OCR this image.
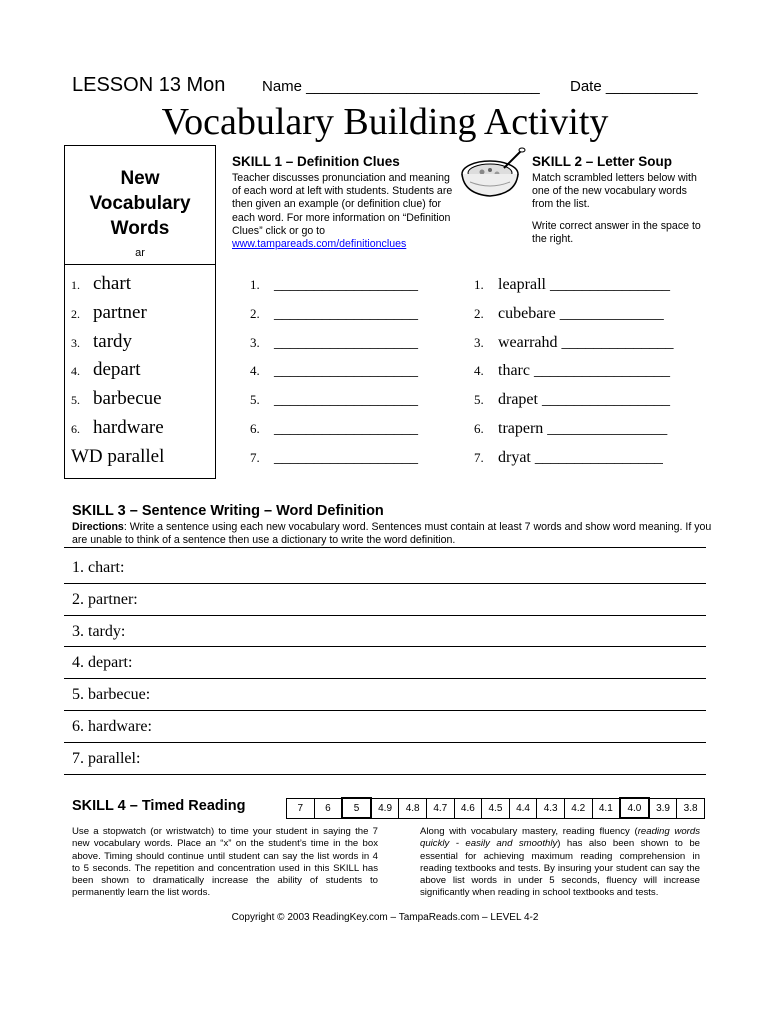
LESSON 13 Mon Name ____________________________ Date ___________
Vocabulary Building Activity
New
Vocabulary
Words
ar
1. chart
2. partner
3. tardy
4. depart
5. barbecue
6. hardware
WD parallel
SKILL 1 – Definition Clues
Teacher discusses pronunciation and meaning of each word at left with students. Students are then given an example (or definition clue) for each word. For more information on “Definition Clues” click or go to www.tampareads.com/definitionclues
SKILL 2 – Letter Soup
Match scrambled letters below with one of the new vocabulary words from the list.
Write correct answer in the space to the right.
1. __________________
2. __________________
3. __________________
4. __________________
5. __________________
6. __________________
7. __________________
1. leaprall _______________
2. cubebare _____________
3. wearrahd ______________
4. tharc _________________
5. drapet ________________
6. trapern _______________
7. dryat ________________
SKILL 3 – Sentence Writing – Word Definition
Directions: Write a sentence using each new vocabulary word. Sentences must contain at least 7 words and show word meaning. If you are unable to think of a sentence then use a dictionary to write the word definition.
1. chart:
2. partner:
3. tardy:
4. depart:
5. barbecue:
6. hardware:
7. parallel:
SKILL 4 – Timed Reading	7	6	5	4.9	4.8	4.7	4.6	4.5	4.4	4.3	4.2	4.1	4.0	3.9	3.8
Use a stopwatch (or wristwatch) to time your student in saying the 7 new vocabulary words. Place an “x” on the student’s time in the box above. Timing should continue until student can say the list words in 4 to 5 seconds. The repetition and concentration used in this SKILL has been shown to dramatically increase the ability of students to permanently learn the list words.
Along with vocabulary mastery, reading fluency (reading words quickly - easily and smoothly) has also been shown to be essential for achieving maximum reading comprehension in reading textbooks and tests. By insuring your student can say the above list words in under 5 seconds, fluency will increase significantly when reading in school textbooks and tests.
Copyright © 2003 ReadingKey.com – TampaReads.com – LEVEL 4-2
